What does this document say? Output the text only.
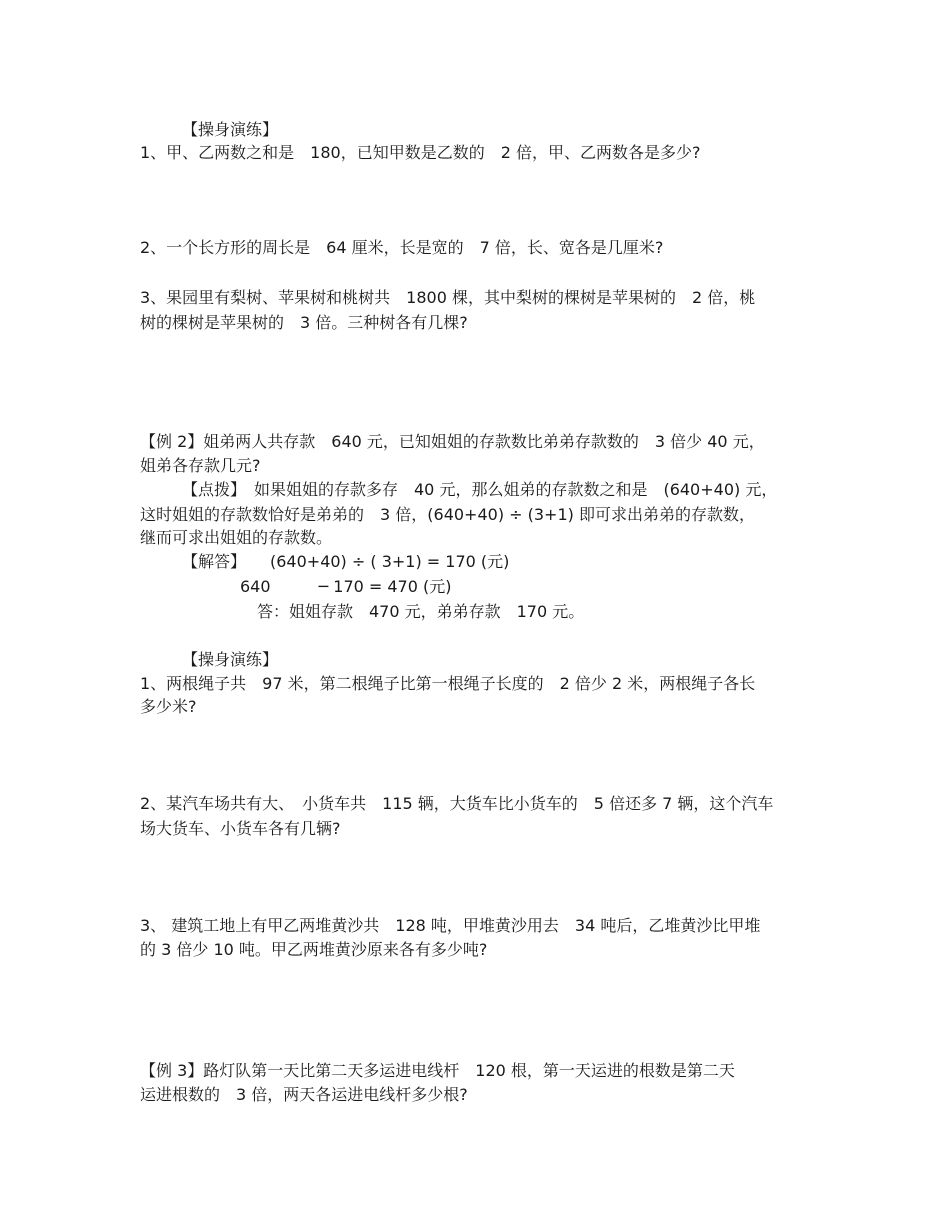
【操身演练】
1、甲、乙两数之和是　180，已知甲数是乙数的　2 倍，甲、乙两数各是多少?
2、一个长方形的周长是　64 厘米，长是宽的　7 倍，长、宽各是几厘米?
3、果园里有梨树、苹果树和桃树共　1800 棵，其中梨树的棵树是苹果树的　2 倍，桃
树的棵树是苹果树的　3 倍。三种树各有几棵?
【例 2】姐弟两人共存款　640 元，已知姐姐的存款数比弟弟存款数的　3 倍少 40 元，
姐弟各存款几元?
【点拨】　如果姐姐的存款多存　40 元，那么姐弟的存款数之和是　(640+40) 元，
这时姐姐的存款数恰好是弟弟的　3 倍，(640+40) ÷ (3+1) 即可求出弟弟的存款数，
继而可求出姐姐的存款数。
【解答】　　(640+40) ÷ ( 3+1) = 170 (元)
640　　　─ 170 = 470 (元)
答：姐姐存款　470 元，弟弟存款　170 元。
【操身演练】
1、两根绳子共　97 米，第二根绳子比第一根绳子长度的　2 倍少 2 米，两根绳子各长
多少米?
2、某汽车场共有大、　小货车共　115 辆，大货车比小货车的　5 倍还多 7 辆，这个汽车
场大货车、小货车各有几辆?
3、 建筑工地上有甲乙两堆黄沙共　128 吨，甲堆黄沙用去　34 吨后，乙堆黄沙比甲堆
的 3 倍少 10 吨。甲乙两堆黄沙原来各有多少吨?
【例 3】路灯队第一天比第二天多运进电线杆　120 根，第一天运进的根数是第二天
运进根数的　3 倍，两天各运进电线杆多少根?
